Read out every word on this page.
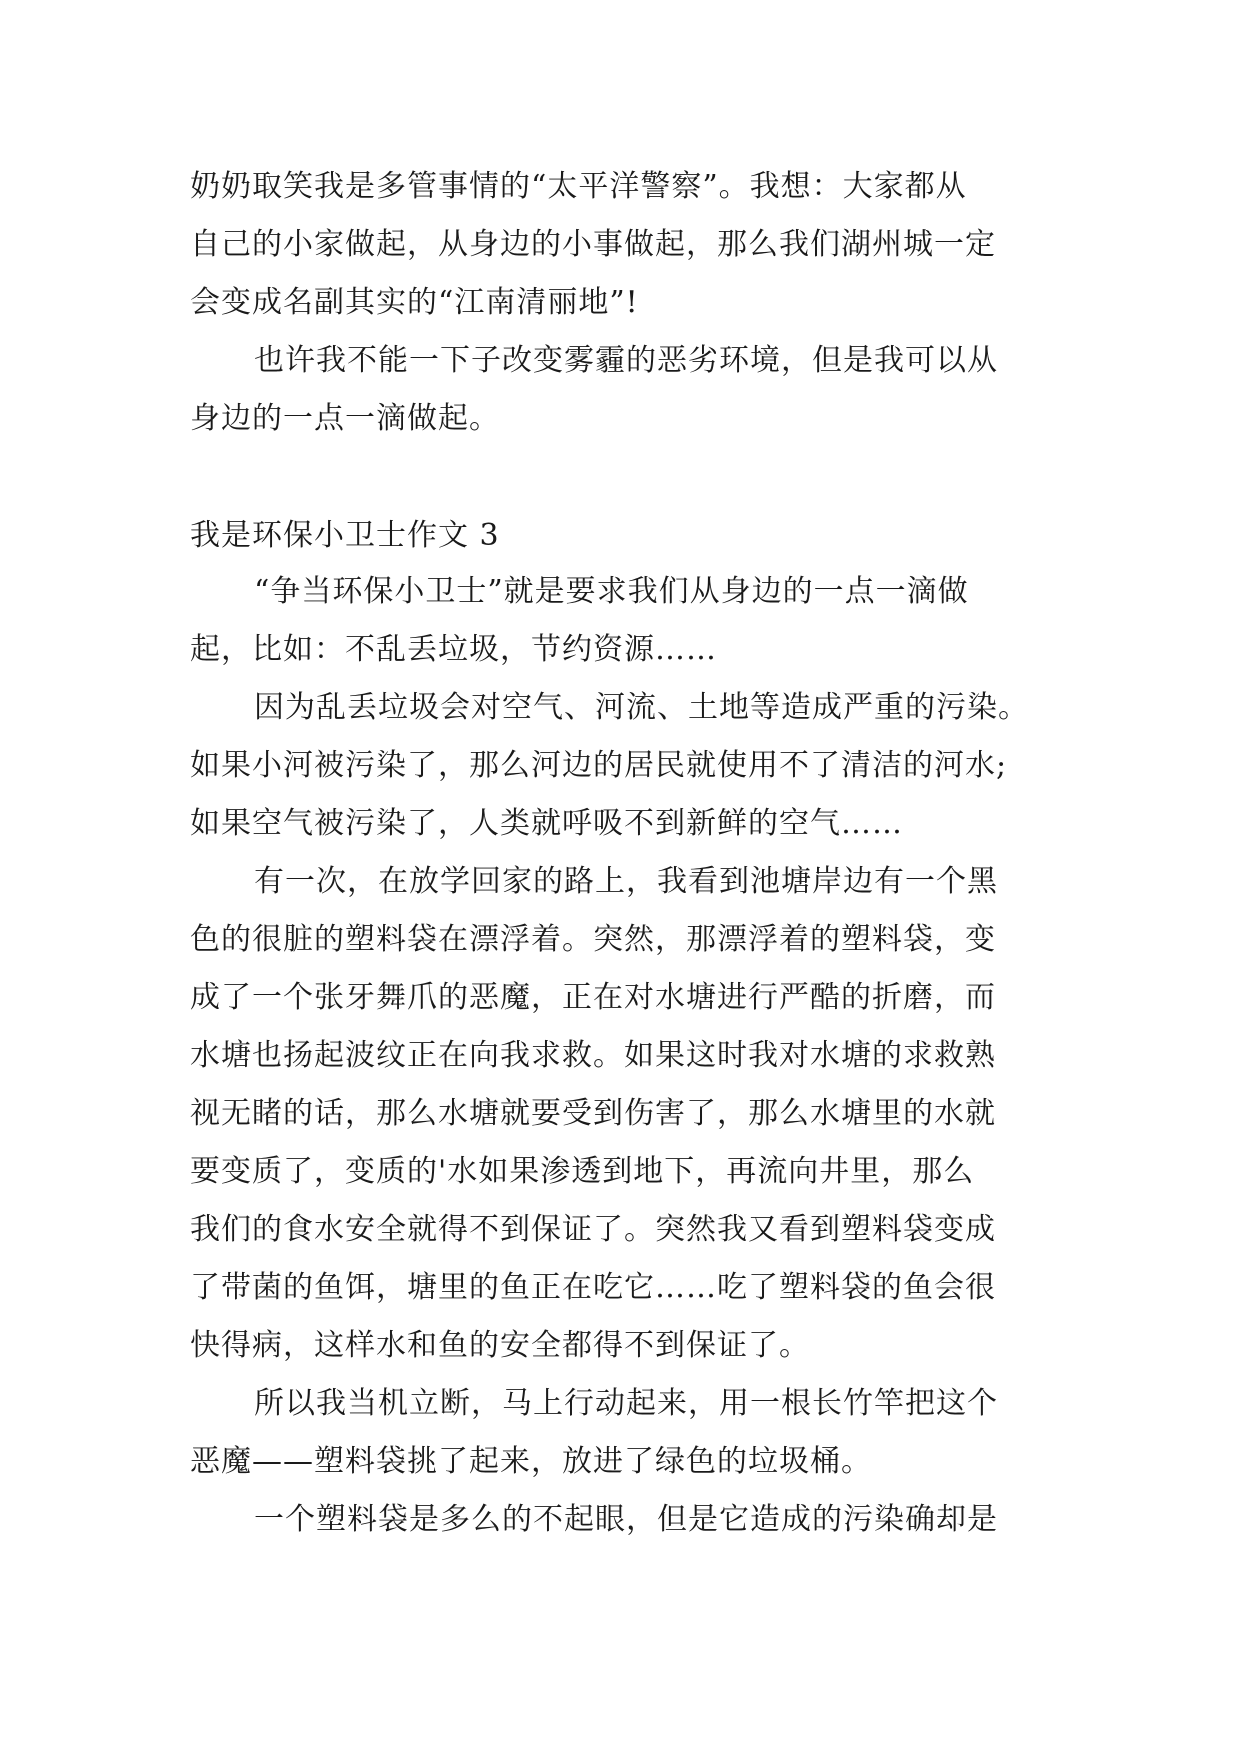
奶奶取笑我是多管事情的“太平洋警察”。我想：大家都从
自己的小家做起，从身边的小事做起，那么我们湖州城一定
会变成名副其实的“江南清丽地”!
也许我不能一下子改变雾霾的恶劣环境，但是我可以从
身边的一点一滴做起。
我是环保小卫士作文 3
“争当环保小卫士”就是要求我们从身边的一点一滴做
起，比如：不乱丢垃圾，节约资源……
因为乱丢垃圾会对空气、河流、土地等造成严重的污染。
如果小河被污染了，那么河边的居民就使用不了清洁的河水;
如果空气被污染了，人类就呼吸不到新鲜的空气……
有一次，在放学回家的路上，我看到池塘岸边有一个黑
色的很脏的塑料袋在漂浮着。突然，那漂浮着的塑料袋，变
成了一个张牙舞爪的恶魔，正在对水塘进行严酷的折磨，而
水塘也扬起波纹正在向我求救。如果这时我对水塘的求救熟
视无睹的话，那么水塘就要受到伤害了，那么水塘里的水就
要变质了，变质的'水如果渗透到地下，再流向井里，那么
我们的食水安全就得不到保证了。突然我又看到塑料袋变成
了带菌的鱼饵，塘里的鱼正在吃它……吃了塑料袋的鱼会很
快得病，这样水和鱼的安全都得不到保证了。
所以我当机立断，马上行动起来，用一根长竹竿把这个
恶魔——塑料袋挑了起来，放进了绿色的垃圾桶。
一个塑料袋是多么的不起眼，但是它造成的污染确却是
